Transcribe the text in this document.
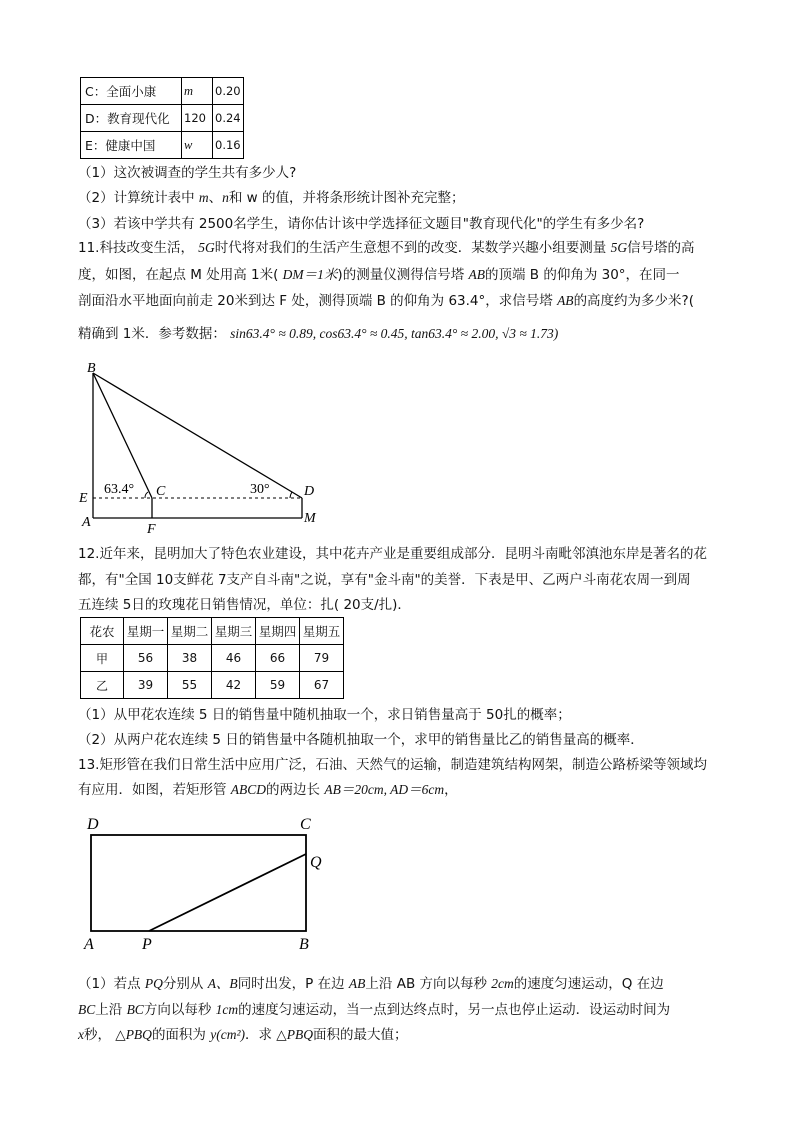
C：全面小康	m	0.20
D：教育现代化	120	0.24
E：健康中国	w	0.16
（1）这次被调查的学生共有多少人?
（2）计算统计表中 m、n和 w 的值，并将条形统计图补充完整；
（3）若该中学共有 2500名学生，请你估计该中学选择征文题目"教育现代化"的学生有多少名?
11.科技改变生活， 5G时代将对我们的生活产生意想不到的改变．某数学兴趣小组要测量 5G信号塔的高
度，如图，在起点 M 处用高 1米( DM＝1米)的测量仪测得信号塔 AB的顶端 B 的仰角为 30°，在同一
剖面沿水平地面向前走 20米到达 F 处，测得顶端 B 的仰角为 63.4°，求信号塔 AB的高度约为多少米?(
精确到 1米．参考数据： sin63.4° ≈ 0.89, cos63.4° ≈ 0.45, tan63.4° ≈ 2.00, √3 ≈ 1.73)
B
E
A
C
F
D
M
63.4°	30°
12.近年来，昆明加大了特色农业建设，其中花卉产业是重要组成部分．昆明斗南毗邻滇池东岸是著名的花
都，有"全国 10支鲜花 7支产自斗南"之说，享有"金斗南"的美誉．下表是甲、乙两户斗南花农周一到周
五连续 5日的玫瑰花日销售情况，单位：扎( 20支/扎)．
花农	星期一	星期二	星期三	星期四	星期五
甲	56	38	46	66	79
乙	39	55	42	59	67
（1）从甲花农连续 5 日的销售量中随机抽取一个，求日销售量高于 50扎的概率；
（2）从两户花农连续 5 日的销售量中各随机抽取一个，求甲的销售量比乙的销售量高的概率．
13.矩形管在我们日常生活中应用广泛，石油、天然气的运输，制造建筑结构网架，制造公路桥梁等领域均
有应用．如图，若矩形管 ABCD的两边长 AB＝20cm, AD＝6cm，
D	C
Q
A	P	B
（1）若点 PQ分别从 A、B同时出发，P 在边 AB上沿 AB 方向以每秒 2cm的速度匀速运动，Q 在边
BC上沿 BC方向以每秒 1cm的速度匀速运动，当一点到达终点时，另一点也停止运动．设运动时间为
x秒， △PBQ的面积为 y(cm²)．求 △PBQ面积的最大值；
